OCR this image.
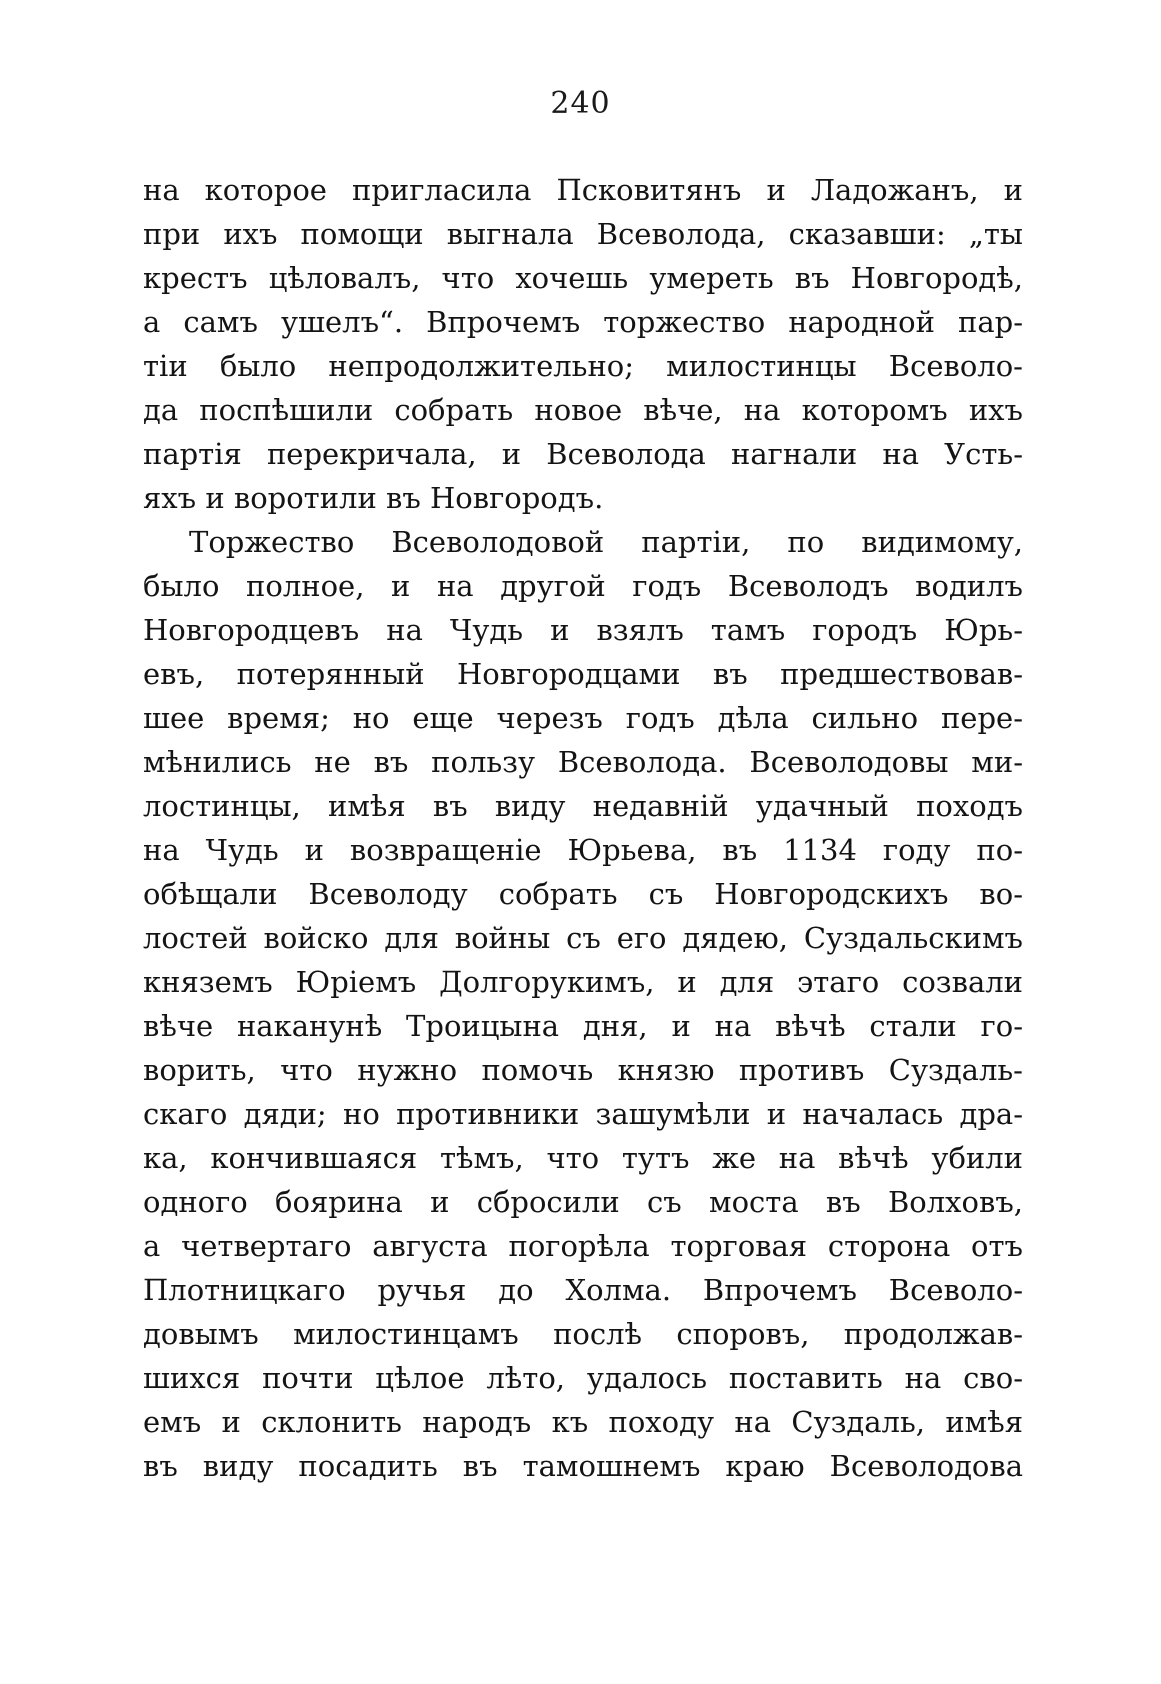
240
на которое пригласила Псковитянъ и Ладожанъ, и
при ихъ помощи выгнала Всеволода, сказавши: „ты
крестъ цѣловалъ, что хочешь умереть въ Новгородѣ,
а самъ ушелъ“. Впрочемъ торжество народной пар-
тіи было непродолжительно; милостинцы Всеволо-
да поспѣшили собрать новое вѣче, на которомъ ихъ
партія перекричала, и Всеволода нагнали на Усть-
яхъ и воротили въ Новгородъ.
Торжество Всеволодовой партіи, по видимому,
было полное, и на другой годъ Всеволодъ водилъ
Новгородцевъ на Чудь и взялъ тамъ городъ Юрь-
евъ, потерянный Новгородцами въ предшествовав-
шее время; но еще черезъ годъ дѣла сильно пере-
мѣнились не въ пользу Всеволода. Всеволодовы ми-
лостинцы, имѣя въ виду недавній удачный походъ
на Чудь и возвращеніе Юрьева, въ 1134 году по-
обѣщали Всеволоду собрать съ Новгородскихъ во-
лостей войско для войны съ его дядею, Суздальскимъ
княземъ Юріемъ Долгорукимъ, и для этаго созвали
вѣче наканунѣ Троицына дня, и на вѣчѣ стали го-
ворить, что нужно помочь князю противъ Суздаль-
скаго дяди; но противники зашумѣли и началась дра-
ка, кончившаяся тѣмъ, что тутъ же на вѣчѣ убили
одного боярина и сбросили съ моста въ Волховъ,
а четвертаго августа погорѣла торговая сторона отъ
Плотницкаго ручья до Холма. Впрочемъ Всеволо-
довымъ милостинцамъ послѣ споровъ, продолжав-
шихся почти цѣлое лѣто, удалось поставить на сво-
емъ и склонить народъ къ походу на Суздаль, имѣя
въ виду посадить въ тамошнемъ краю Всеволодова
